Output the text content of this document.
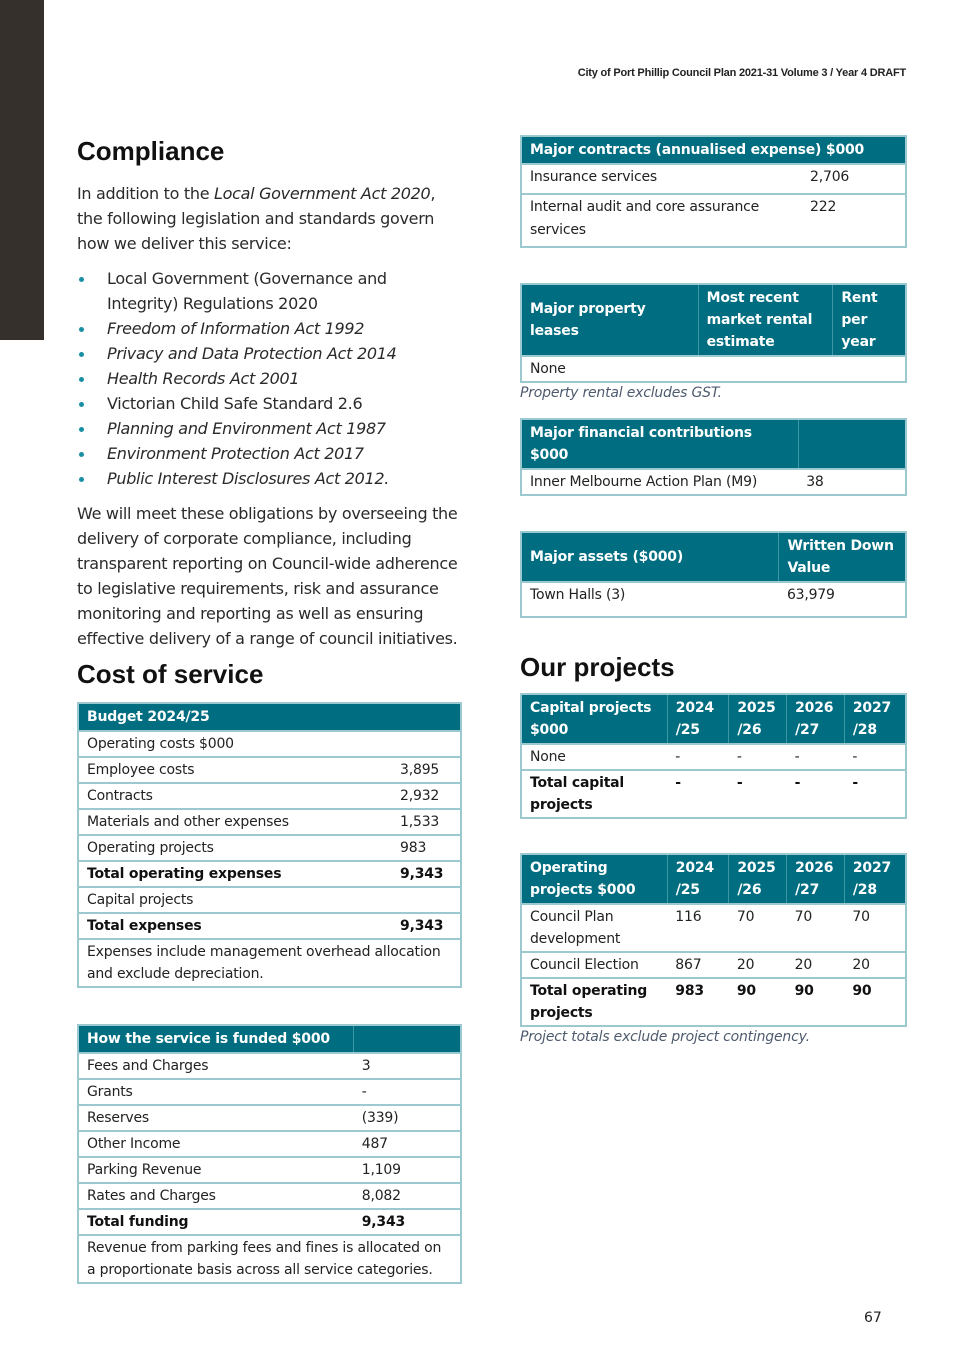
City of Port Phillip Council Plan 2021-31 Volume 3 / Year 4 DRAFT
Compliance

In addition to the Local Government Act 2020, the following legislation and standards govern how we deliver this service:

Local Government (Governance and Integrity) Regulations 2020
Freedom of Information Act 1992
Privacy and Data Protection Act 2014
Health Records Act 2001
Victorian Child Safe Standard 2.6
Planning and Environment Act 1987
Environment Protection Act 2017
Public Interest Disclosures Act 2012.

We will meet these obligations by overseeing the delivery of corporate compliance, including transparent reporting on Council-wide adherence to legislative requirements, risk and assurance monitoring and reporting as well as ensuring effective delivery of a range of council initiatives.

Cost of service
Budget 2024/25	
Operating costs $000	
Employee costs	3,895
Contracts	2,932
Materials and other expenses	1,533
Operating projects	983
Total operating expenses	9,343
Capital projects	
Total expenses	9,343
Expenses include management overhead allocation and exclude depreciation.	
How the service is funded $000	
Fees and Charges	3
Grants	-
Reserves	(339)
Other Income	487
Parking Revenue	1,109
Rates and Charges	8,082
Total funding	9,343
Revenue from parking fees and fines is allocated on a proportionate basis across all service categories.	
Major contracts (annualised expense) $000	
Insurance services	2,706
Internal audit and core assurance services	222
Major property leases	Most recent market rental estimate	Rent per year
None		
Property rental excludes GST.
Major financial contributions $000	
Inner Melbourne Action Plan (M9)	38
Major assets ($000)	Written Down Value
Town Halls (3)	63,979
Our projects
Capital projects $000	2024 /25	2025 /26	2026 /27	2027 /28
None	-	-	-	-
Total capital projects	-	-	-	-
Operating projects $000	2024 /25	2025 /26	2026 /27	2027 /28
Council Plan development	116	70	70	70
Council Election	867	20	20	20
Total operating projects	983	90	90	90
Project totals exclude project contingency.
67
